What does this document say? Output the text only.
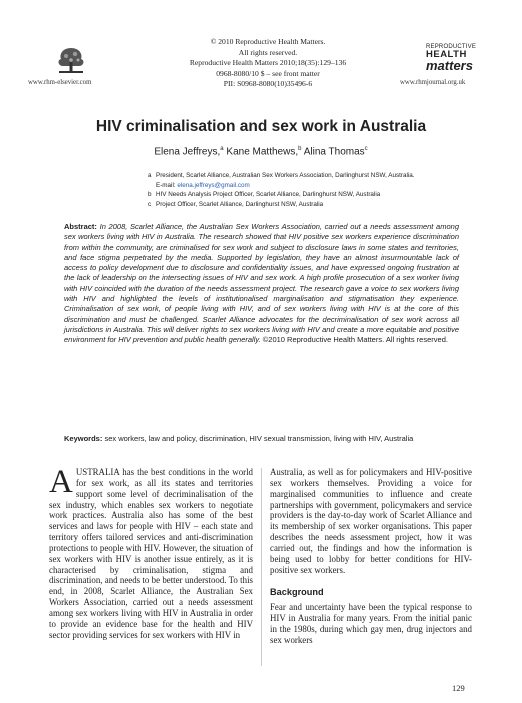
www.rhm-elsevier.com
© 2010 Reproductive Health Matters.
All rights reserved.
Reproductive Health Matters 2010;18(35):129–136
0968-8080/10 $ – see front matter
PII: S0968-8080(10)35496-6
REPRODUCTIVE
HEALTH
matters
www.rhmjournal.org.uk
HIV criminalisation and sex work in Australia
Elena Jeffreys,$^a$ Kane Matthews,$^b$ Alina Thomas$^c$
a President, Scarlet Alliance, Australian Sex Workers Association, Darlinghurst NSW, Australia.
E-mail: elena.jeffreys@gmail.com
b HIV Needs Analysis Project Officer, Scarlet Alliance, Darlinghurst NSW, Australia
c Project Officer, Scarlet Alliance, Darlinghurst NSW, Australia
Abstract: In 2008, Scarlet Alliance, the Australian Sex Workers Association, carried out a needs assessment among sex workers living with HIV in Australia. The research showed that HIV positive sex workers experience discrimination from within the community, are criminalised for sex work and subject to disclosure laws in some states and territories, and face stigma perpetrated by the media. Supported by legislation, they have an almost insurmountable lack of access to policy development due to disclosure and confidentiality issues, and have expressed ongoing frustration at the lack of leadership on the intersecting issues of HIV and sex work. A high profile prosecution of a sex worker living with HIV coincided with the duration of the needs assessment project. The research gave a voice to sex workers living with HIV and highlighted the levels of institutionalised marginalisation and stigmatisation they experience. Criminalisation of sex work, of people living with HIV, and of sex workers living with HIV is at the core of this discrimination and must be challenged. Scarlet Alliance advocates for the decriminalisation of sex work across all jurisdictions in Australia. This will deliver rights to sex workers living with HIV and create a more equitable and positive environment for HIV prevention and public health generally. ©2010 Reproductive Health Matters. All rights reserved.
Keywords: sex workers, law and policy, discrimination, HIV sexual transmission, living with HIV, Australia

AUSTRALIA has the best conditions in the world for sex work, as all its states and territories support some level of decriminalisation of the sex industry, which enables sex workers to negotiate work practices. Australia also has some of the best services and laws for people with HIV – each state and territory offers tailored services and anti-discrimination protections to people with HIV. However, the situation of sex workers with HIV is another issue entirely, as it is characterised by criminalisation, stigma and discrimination, and needs to be better understood. To this end, in 2008, Scarlet Alliance, the Australian Sex Workers Association, carried out a needs assessment among sex workers living with HIV in Australia in order to provide an evidence base for the health and HIV sector providing services for sex workers with HIV in

Australia, as well as for policymakers and HIV-positive sex workers themselves. Providing a voice for marginalised communities to influence and create partnerships with government, policymakers and service providers is the day-to-day work of Scarlet Alliance and its membership of sex worker organisations. This paper describes the needs assessment project, how it was carried out, the findings and how the information is being used to lobby for better conditions for HIV-positive sex workers.

Background

Fear and uncertainty have been the typical response to HIV in Australia for many years. From the initial panic in the 1980s, during which gay men, drug injectors and sex workers

129
